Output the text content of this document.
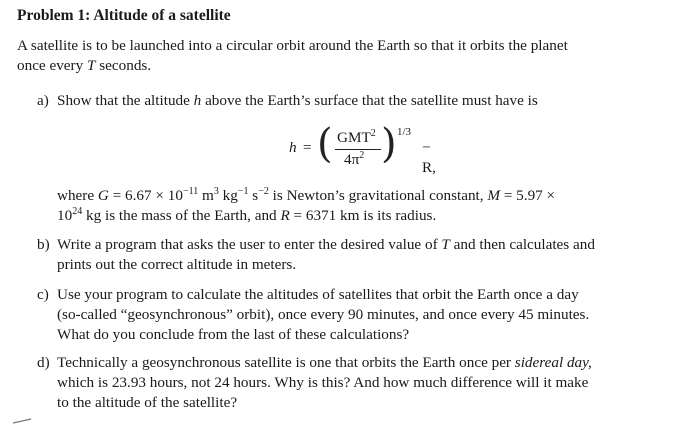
Problem 1: Altitude of a satellite
A satellite is to be launched into a circular orbit around the Earth so that it orbits the planet
once every T seconds.
a) Show that the altitude h above the Earth’s surface that the satellite must have is
h = ( GMT$^2$
$4\pi^2$ ) 1/3
− R,
where $G = 6.67 \times 10^{-11}$ $m^3$ $kg^{-1}$ $s^{-2}$ is Newton’s gravitational constant, M = 5.97 ×
$10^{24}$ kg is the mass of the Earth, and R = 6371 km is its radius.
b) Write a program that asks the user to enter the desired value of T and then calculates and
prints out the correct altitude in meters.
c) Use your program to calculate the altitudes of satellites that orbit the Earth once a day
(so-called “geosynchronous” orbit), once every 90 minutes, and once every 45 minutes.
What do you conclude from the last of these calculations?
d) Technically a geosynchronous satellite is one that orbits the Earth once per sidereal day,
which is 23.93 hours, not 24 hours. Why is this? And how much difference will it make
to the altitude of the satellite?
